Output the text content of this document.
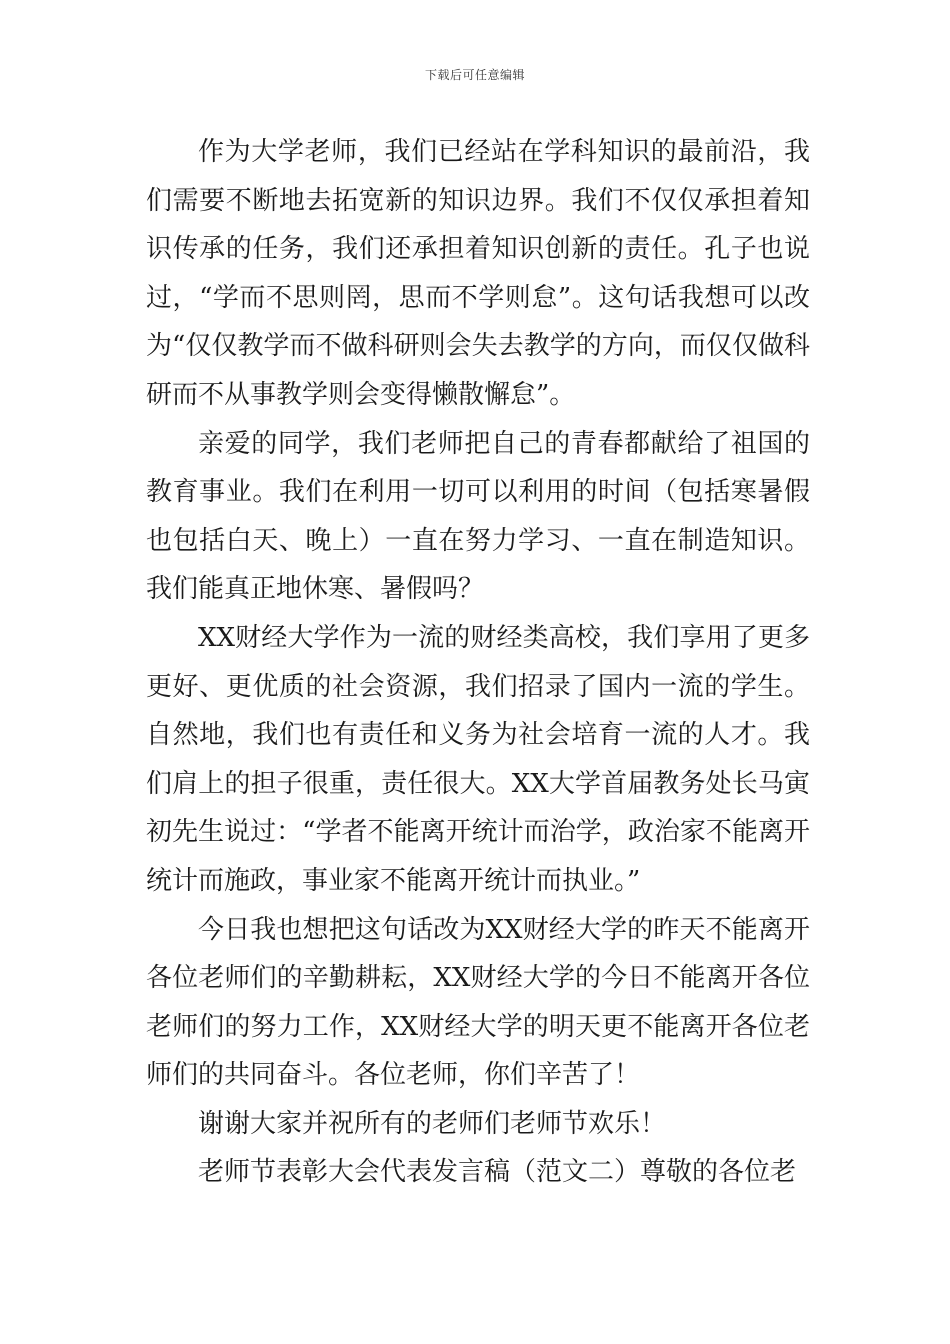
下载后可任意编辑

作为大学老师，我们已经站在学科知识的最前沿，我们需要不断地去拓宽新的知识边界。我们不仅仅承担着知识传承的任务，我们还承担着知识创新的责任。孔子也说过，“学而不思则罔，思而不学则怠”。这句话我想可以改为“仅仅教学而不做科研则会失去教学的方向，而仅仅做科研而不从事教学则会变得懒散懈怠”。

亲爱的同学，我们老师把自己的青春都献给了祖国的教育事业。我们在利用一切可以利用的时间（包括寒暑假也包括白天、晚上）一直在努力学习、一直在制造知识。我们能真正地休寒、暑假吗？

XX财经大学作为一流的财经类高校，我们享用了更多更好、更优质的社会资源，我们招录了国内一流的学生。自然地，我们也有责任和义务为社会培育一流的人才。我们肩上的担子很重，责任很大。XX大学首届教务处长马寅初先生说过：“学者不能离开统计而治学，政治家不能离开统计而施政，事业家不能离开统计而执业。”

今日我也想把这句话改为XX财经大学的昨天不能离开各位老师们的辛勤耕耘，XX财经大学的今日不能离开各位老师们的努力工作，XX财经大学的明天更不能离开各位老师们的共同奋斗。各位老师，你们辛苦了！

谢谢大家并祝所有的老师们老师节欢乐！

老师节表彰大会代表发言稿（范文二）尊敬的各位老
